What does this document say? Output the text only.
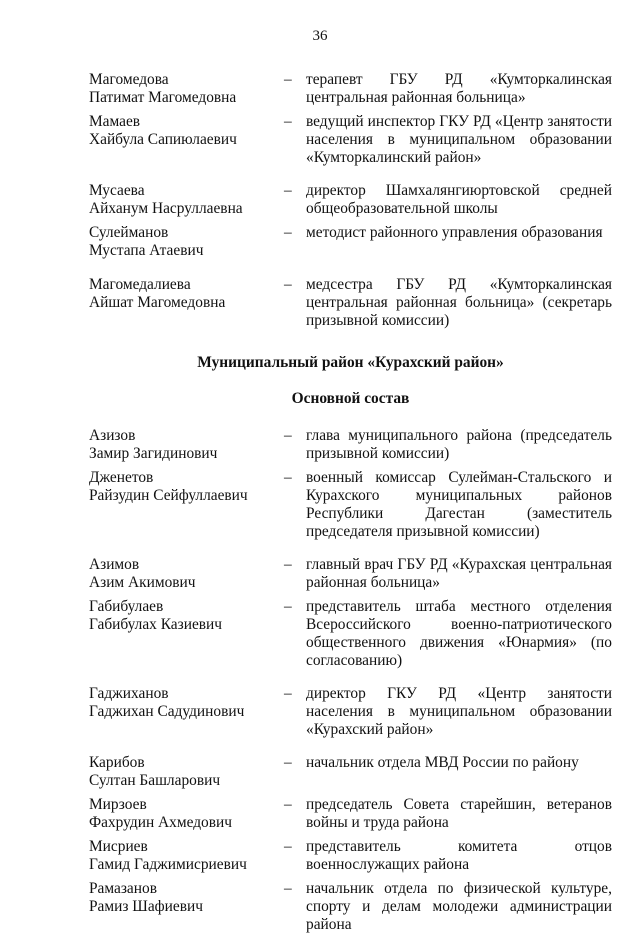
36
Магомедова
Патимат Магомедовна
– терапевт ГБУ РД «Кумторкалинская центральная районная больница»
Мамаев
Хайбула Сапиюлаевич
– ведущий инспектор ГКУ РД «Центр занятости населения в муниципальном образовании «Кумторкалинский район»
Мусаева
Айханум Насруллаевна
– директор Шамхалянгиюртовской средней общеобразовательной школы
Сулейманов
Мустапа Атаевич
– методист районного управления образования
Магомедалиева
Айшат Магомедовна
– медсестра ГБУ РД «Кумторкалинская центральная районная больница» (секретарь призывной комиссии)
Муниципальный район «Курахский район»
Основной состав
Азизов
Замир Загидинович
– глава муниципального района (председатель призывной комиссии)
Дженетов
Райзудин Сейфуллаевич
– военный комиссар Сулейман-Стальского и Курахского муниципальных районов Республики Дагестан (заместитель председателя призывной комиссии)
Азимов
Азим Акимович
– главный врач ГБУ РД «Курахская центральная районная больница»
Габибулаев
Габибулах Казиевич
– представитель штаба местного отделения Всероссийского военно-патриотического общественного движения «Юнармия» (по согласованию)
Гаджиханов
Гаджихан Садудинович
– директор ГКУ РД «Центр занятости населения в муниципальном образовании «Курахский район»
Карибов
Султан Башларович
– начальник отдела МВД России по району
Мирзоев
Фахрудин Ахмедович
– председатель Совета старейшин, ветеранов войны и труда района
Мисриев
Гамид Гаджимисриевич
– представитель комитета отцов военнослужащих района
Рамазанов
Рамиз Шафиевич
– начальник отдела по физической культуре, спорту и делам молодежи администрации района
